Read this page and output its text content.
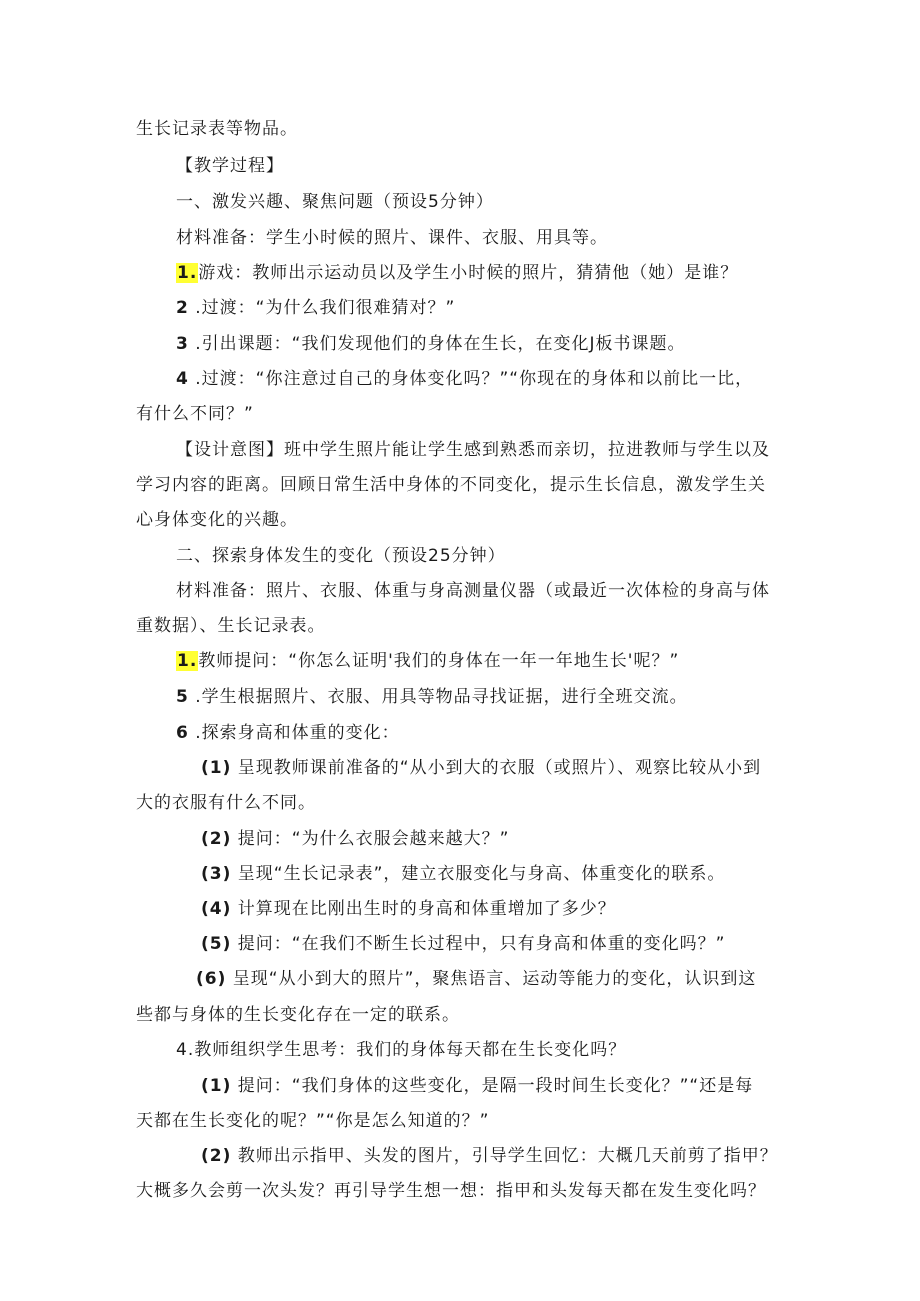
生长记录表等物品。
【教学过程】
一、激发兴趣、聚焦问题（预设5分钟）
材料准备：学生小时候的照片、课件、衣服、用具等。
1.游戏：教师出示运动员以及学生小时候的照片，猜猜他（她）是谁？
2 .过渡：“为什么我们很难猜对？”
3 .引出课题：“我们发现他们的身体在生长，在变化J板书课题。
4 .过渡：“你注意过自己的身体变化吗？”“你现在的身体和以前比一比，
有什么不同？”
【设计意图】班中学生照片能让学生感到熟悉而亲切，拉进教师与学生以及
学习内容的距离。回顾日常生活中身体的不同变化，提示生长信息，激发学生关
心身体变化的兴趣。
二、探索身体发生的变化（预设25分钟）
材料准备：照片、衣服、体重与身高测量仪器（或最近一次体检的身高与体
重数据）、生长记录表。
1.教师提问：“你怎么证明'我们的身体在一年一年地生长'呢？”
5 .学生根据照片、衣服、用具等物品寻找证据，进行全班交流。
6 .探索身高和体重的变化：
(1) 呈现教师课前准备的“从小到大的衣服（或照片）、观察比较从小到
大的衣服有什么不同。
(2) 提问：“为什么衣服会越来越大？”
(3) 呈现“生长记录表”，建立衣服变化与身高、体重变化的联系。
(4) 计算现在比刚出生时的身高和体重增加了多少？
(5) 提问：“在我们不断生长过程中，只有身高和体重的变化吗？”
(6) 呈现“从小到大的照片”，聚焦语言、运动等能力的变化，认识到这
些都与身体的生长变化存在一定的联系。
4.教师组织学生思考：我们的身体每天都在生长变化吗？
(1) 提问：“我们身体的这些变化，是隔一段时间生长变化？”“还是每
天都在生长变化的呢？”“你是怎么知道的？”
(2) 教师出示指甲、头发的图片，引导学生回忆：大概几天前剪了指甲？
大概多久会剪一次头发？再引导学生想一想：指甲和头发每天都在发生变化吗？
